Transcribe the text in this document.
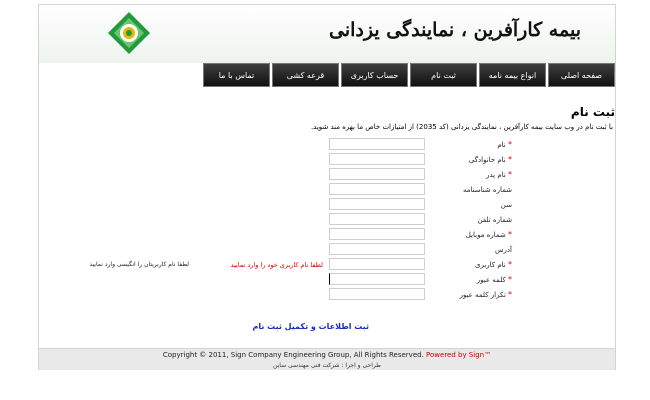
بیمه کارآفرین ، نمایندگی یزدانی
صفحه اصلی
انواع بیمه نامه
ثبت نام
حساب کاربری
قرعه کشی
تماس با ما
ثبت نام
با ثبت نام در وب سایت بیمه کارآفرین ، نمایندگی یزدانی (کد 2035) از امتیازات خاص ما بهره مند شوید.
* نام
* نام خانوادگی
* نام پدر
شماره شناسنامه
سن
شماره تلفن
* شماره موبایل
آدرس
* نام کاربری
لطفا نام کاربری خود را وارد نمایید
لطفا نام کاربریتان را انگیسی وارد نمایید
* کلمه عبور
* تکرار کلمه عبور
ثبت اطلاعات و تکمیل ثبت نام
Copyright © 2011, Sign Company Engineering Group, All Rights Reserved. Powered by Sign™
طراحی و اجرا : شرکت فنی مهندسی ساین
